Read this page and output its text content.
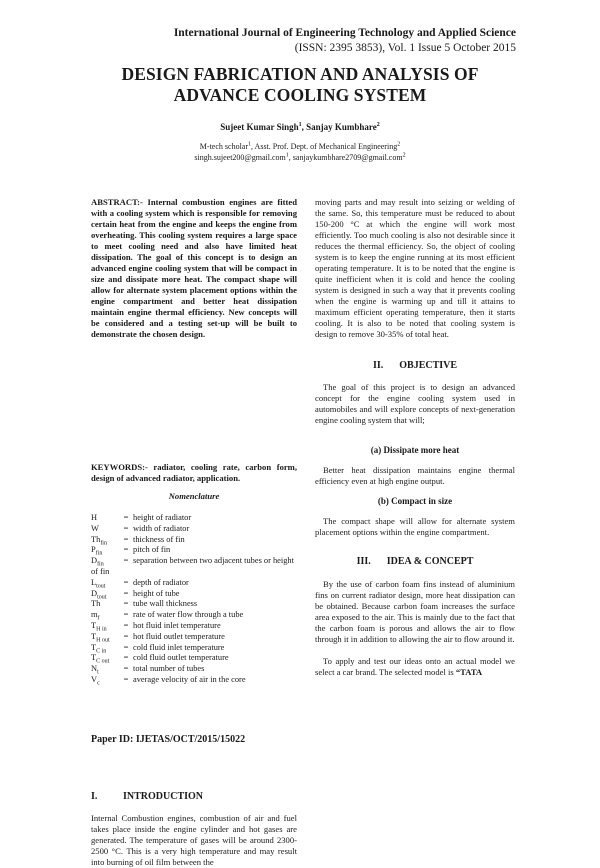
International Journal of Engineering Technology and Applied Science
(ISSN: 2395 3853), Vol. 1 Issue 5 October 2015
DESIGN FABRICATION AND ANALYSIS OF
ADVANCE COOLING SYSTEM
Sujeet Kumar Singh$^1$, Sanjay Kumbhare$^2$
M-tech scholar$^1$, Asst. Prof. Dept. of Mechanical Engineering$^2$
singh.sujeet200@gmail.com$^1$, sanjaykumbhare2709@gmail.com$^2$

ABSTRACT:- Internal combustion engines are fitted with a cooling system which is responsible for removing certain heat from the engine and keeps the engine from overheating. This cooling system requires a large space to meet cooling need and also have limited heat dissipation. The goal of this concept is to design an advanced engine cooling system that will be compact in size and dissipate more heat. The compact shape will allow for alternate system placement options within the engine compartment and better heat dissipation maintain engine thermal efficiency. New concepts will be considered and a testing set-up will be built to demonstrate the chosen design.

KEYWORDS:- radiator, cooling rate, carbon form, design of advanced radiator, application.

Nomenclature
H	= height of radiator
W	= width of radiator
$Th_{fin}$ = thickness of fin
$P_{fin}$	= pitch of fin
$D_{fin}$ = separation between two adjacent tubes or height of fin
$L_{tout}$ = depth of radiator
$D_{tout}$ = height of tube
Th	= tube wall thickness
$m_f$	= rate of water flow through a tube
$T_{H in}$ = hot fluid inlet temperature
$T_{H out}$ = hot fluid outlet temperature
$T_{C in}$ = cold fluid inlet temperature
$T_{C out}$ = cold fluid outlet temperature
$N_t$	= total number of tubes
$V_c$	= average velocity of air in the core
I.	INTRODUCTION

Internal Combustion engines, combustion of air and fuel takes place inside the engine cylinder and hot gases are generated. The temperature of gases will be around 2300-2500 °C. This is a very high temperature and may result into burning of oil film between the

moving parts and may result into seizing or welding of the same. So, this temperature must be reduced to about 150-200 °C at which the engine will work most efficiently. Too much cooling is also not desirable since it reduces the thermal efficiency. So, the object of cooling system is to keep the engine running at its most efficient operating temperature. It is to be noted that the engine is quite inefficient when it is cold and hence the cooling system is designed in such a way that it prevents cooling when the engine is warming up and till it attains to maximum efficient operating temperature, then it starts cooling. It is also to be noted that cooling system is design to remove 30-35% of total heat.

II. OBJECTIVE

The goal of this project is to design an advanced concept for the engine cooling system used in automobiles and will explore concepts of next-generation engine cooling system that will;

(a) Dissipate more heat

Better heat dissipation maintains engine thermal efficiency even at high engine output.

(b) Compact in size

The compact shape will allow for alternate system placement options within the engine compartment.

III. IDEA & CONCEPT

By the use of carbon foam fins instead of aluminium fins on current radiator design, more heat dissipation can be obtained. Because carbon foam increases the surface area exposed to the air. This is mainly due to the fact that the carbon foam is porous and allows the air to flow through it in addition to allowing the air to flow around it.

To apply and test our ideas onto an actual model we select a car brand. The selected model is “TATA

Paper ID: IJETAS/OCT/2015/15022
